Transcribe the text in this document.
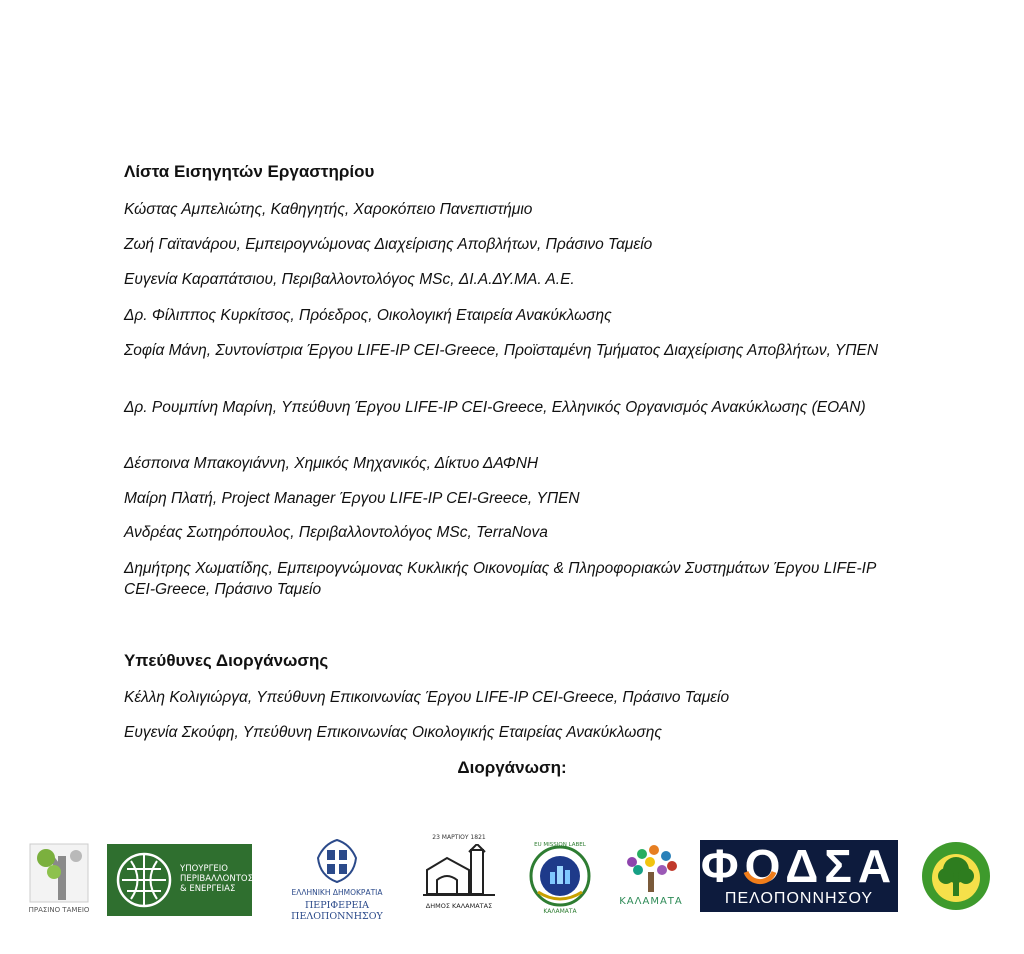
Λίστα Εισηγητών Εργαστηρίου

Κώστας Αμπελιώτης, Καθηγητής, Χαροκόπειο Πανεπιστήμιο

Ζωή Γαϊτανάρου, Εμπειρογνώμονας Διαχείρισης Αποβλήτων, Πράσινο Ταμείο

Ευγενία Καραπάτσιου, Περιβαλλοντολόγος MSc, ΔΙ.Α.ΔΥ.ΜΑ. Α.Ε.

Δρ. Φίλιππος Κυρκίτσος, Πρόεδρος, Οικολογική Εταιρεία Ανακύκλωσης

Σοφία Μάνη, Συντονίστρια Έργου LIFE-IP CEI-Greece, Προϊσταμένη Τμήματος Διαχείρισης Αποβλήτων, ΥΠΕΝ

Δρ. Ρουμπίνη Μαρίνη, Υπεύθυνη Έργου LIFE-IP CEI-Greece, Ελληνικός Οργανισμός Ανακύκλωσης (ΕΟΑΝ)

Δέσποινα Μπακογιάννη, Χημικός Μηχανικός, Δίκτυο ΔΑΦΝΗ

Μαίρη Πλατή, Project Manager Έργου LIFE-IP CEI-Greece, ΥΠΕΝ

Ανδρέας Σωτηρόπουλος, Περιβαλλοντολόγος MSc, TerraNova

Δημήτρης Χωματίδης, Εμπειρογνώμονας Κυκλικής Οικονομίας & Πληροφοριακών Συστημάτων Έργου LIFE-IP CEI-Greece, Πράσινο Ταμείο

Υπεύθυνες Διοργάνωσης

Κέλλη Κολιγιώργα, Υπεύθυνη Επικοινωνίας Έργου LIFE-IP CEI-Greece, Πράσινο Ταμείο

Ευγενία Σκούφη, Υπεύθυνη Επικοινωνίας Οικολογικής Εταιρείας Ανακύκλωσης

Διοργάνωση:
ΠΡΑΣΙΝΟ ΤΑΜΕΙΟ
ΥΠΟΥΡΓΕΙΟ
ΠΕΡΙΒΑΛΛΟΝΤΟΣ
& ΕΝΕΡΓΕΙΑΣ	ΕΛΛΗΝΙΚΗ ΔΗΜΟΚΡΑΤΙΑ
ΠΕΡΙΦΕΡΕΙΑ ΠΕΛΟΠΟΝΝΗΣΟΥ
23 ΜΑΡΤΙΟΥ 1821
ΔΗΜΟΣ ΚΑΛΑΜΑΤΑΣ
EU MISSION LABEL
ΚΑΛΑΜΑΤΑ
ΚΑΛΑΜΑΤΑ
ΦΟΔΣΑ
ΠΕΛΟΠΟΝΝΗΣΟΥ
